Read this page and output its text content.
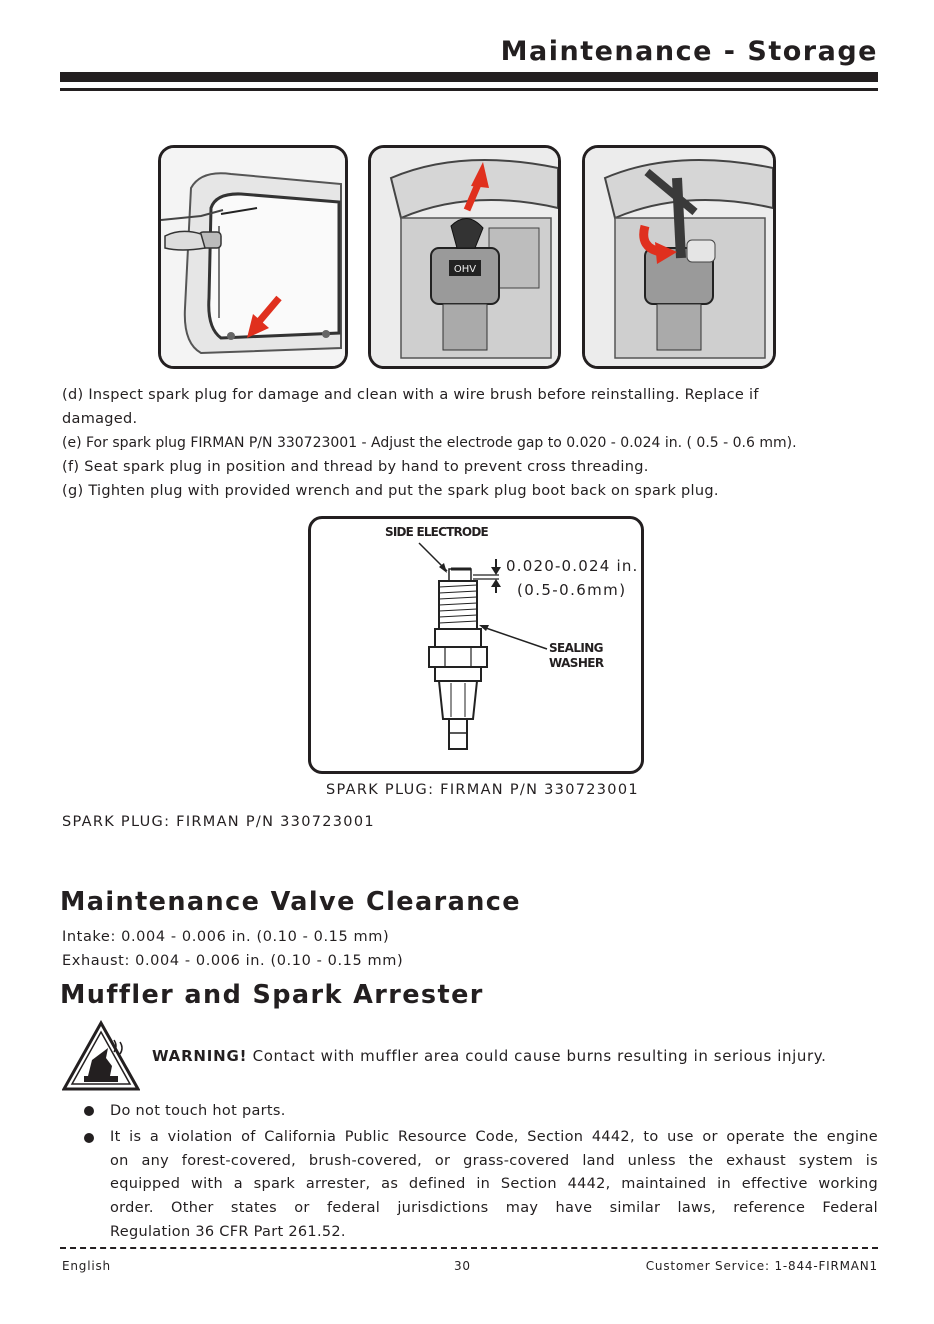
Maintenance - Storage
OHV
(d) Inspect spark plug for damage and clean with a wire brush before reinstalling. Replace if
damaged.
(e) For spark plug FIRMAN P/N 330723001 - Adjust the electrode gap to 0.020 - 0.024 in. ( 0.5 - 0.6 mm).
(f) Seat spark plug in position and thread by hand to prevent cross threading.
(g) Tighten plug with provided wrench and put the spark plug boot back on spark plug.
SIDE ELECTRODE
0.020-0.024 in.
(0.5-0.6mm)
SEALING
WASHER
SPARK PLUG: FIRMAN P/N 330723001
SPARK PLUG: FIRMAN P/N 330723001
Maintenance Valve Clearance
Intake: 0.004 - 0.006 in. (0.10 - 0.15 mm)
Exhaust: 0.004 - 0.006 in. (0.10 - 0.15 mm)
Muffler and Spark Arrester
WARNING! Contact with muffler area could cause burns resulting in serious injury.
Do not touch hot parts.
It is a violation of California Public Resource Code, Section 4442, to use or operate the engine
on any forest-covered, brush-covered, or grass-covered land unless the exhaust system is
equipped with a spark arrester, as defined in Section 4442, maintained in effective working
order. Other states or federal jurisdictions may have similar laws, reference Federal
Regulation 36 CFR Part 261.52.
English	30	Customer Service: 1-844-FIRMAN1
